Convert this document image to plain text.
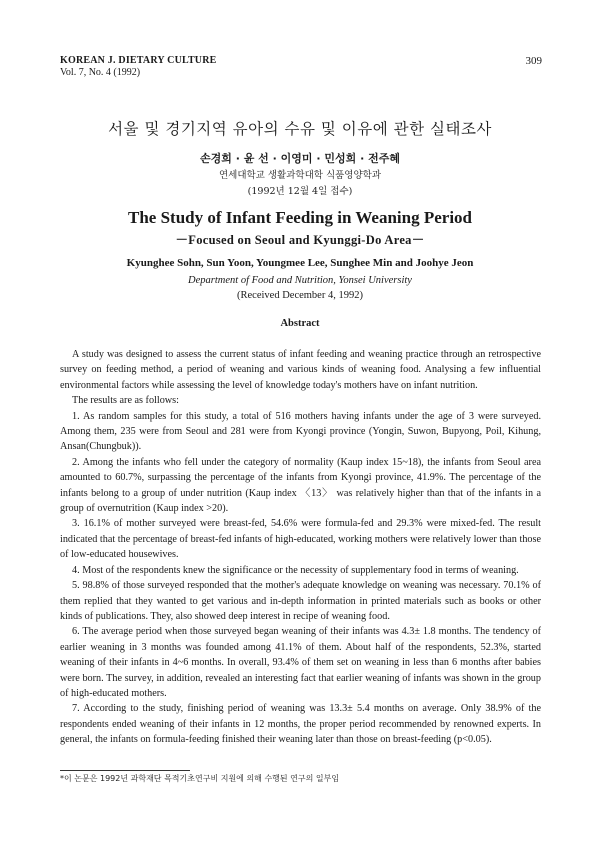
KOREAN J. DIETARY CULTURE
Vol. 7, No. 4 (1992)
309
서울 및 경기지역 유아의 수유 및 이유에 관한 실태조사
손경희 · 윤 선 · 이영미 · 민성희 · 전주혜
연세대학교 생활과학대학 식품영양학과
(1992년 12월 4일 접수)
The Study of Infant Feeding in Weaning Period
－Focused on Seoul and Kyunggi-Do Area－
Kyunghee Sohn, Sun Yoon, Youngmee Lee, Sunghee Min and Joohye Jeon
Department of Food and Nutrition, Yonsei University
(Received December 4, 1992)
Abstract

A study was designed to assess the current status of infant feeding and weaning practice through an retrospective survey on feeding method, a period of weaning and various kinds of weaning food. Analysing a few influential environmental factors while assessing the level of knowledge today's mothers have on infant nutrition.

The results are as follows:

1. As random samples for this study, a total of 516 mothers having infants under the age of 3 were surveyed. Among them, 235 were from Seoul and 281 were from Kyongi province (Yongin, Suwon, Bupyong, Poil, Kihung, Ansan(Chungbuk)).

2. Among the infants who fell under the category of normality (Kaup index 15~18), the infants from Seoul area amounted to 60.7%, surpassing the percentage of the infants from Kyongi province, 41.9%. The percentage of the infants belong to a group of under nutrition (Kaup index 〈13〉 was relatively higher than that of the infants in a group of overnutrition (Kaup index >20).

3. 16.1% of mother surveyed were breast-fed, 54.6% were formula-fed and 29.3% were mixed-fed. The result indicated that the percentage of breast-fed infants of high-educated, working mothers were relatively lower than those of low-educated housewives.

4. Most of the respondents knew the significance or the necessity of supplementary food in terms of weaning.

5. 98.8% of those surveyed responded that the mother's adequate knowledge on weaning was necessary. 70.1% of them replied that they wanted to get various and in-depth information in printed materials such as books or other kinds of publications. They, also showed deep interest in recipe of weaning food.

6. The average period when those surveyed began weaning of their infants was 4.3± 1.8 months. The tendency of earlier weaning in 3 months was founded among 41.1% of them. About half of the respondents, 52.3%, started weaning of their infants in 4~6 months. In overall, 93.4% of them set on weaning in less than 6 months after babies were born. The survey, in addition, revealed an interesting fact that earlier weaning of infants was shown in the group of high-educated mothers.

7. According to the study, finishing period of weaning was 13.3± 5.4 months on average. Only 38.9% of the respondents ended weaning of their infants in 12 months, the proper period recommended by renowned experts. In general, the infants on formula-feeding finished their weaning later than those on breast-feeding (p<0.05).

*이 논문은 1992년 과학재단 목적기초연구비 지원에 의해 수행된 연구의 일부임
